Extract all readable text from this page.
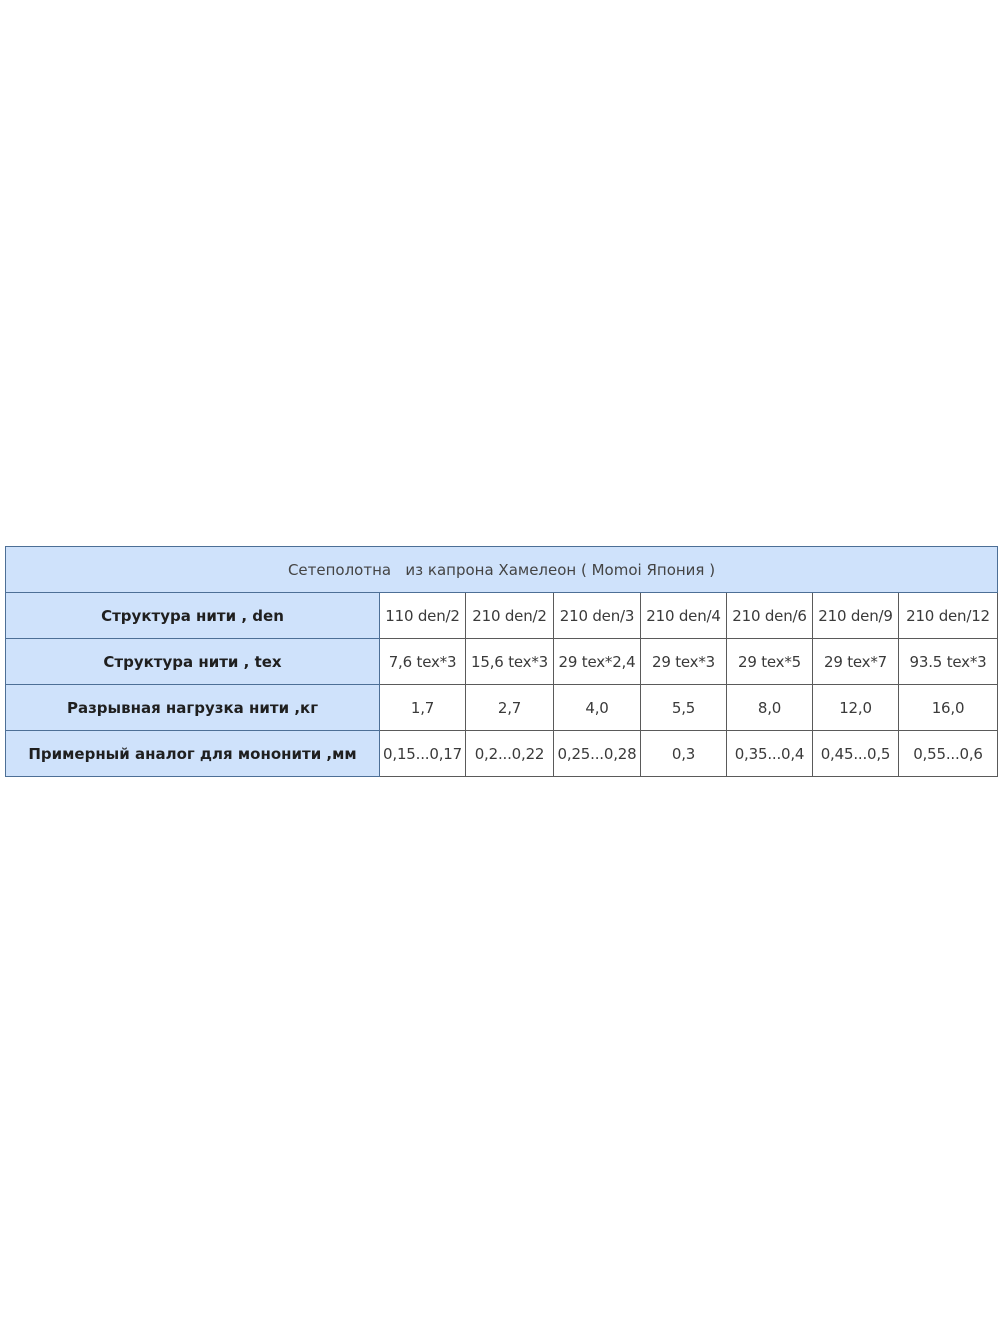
Сетеполотна   из капрона Хамелеон ( Momoi Япония )							
Структура нити , den	110 den/2	210 den/2	210 den/3	210 den/4	210 den/6	210 den/9	210 den/12
Структура нити , tex	7,6 tex*3	15,6 tex*3	29 tex*2,4	29 tex*3	29 tex*5	29 tex*7	93.5 tex*3
Разрывная нагрузка нити ,кг	1,7	2,7	4,0	5,5	8,0	12,0	16,0
Примерный аналог для мононити ,мм	0,15...0,17	0,2...0,22	0,25...0,28	0,3	0,35...0,4	0,45...0,5	0,55...0,6
